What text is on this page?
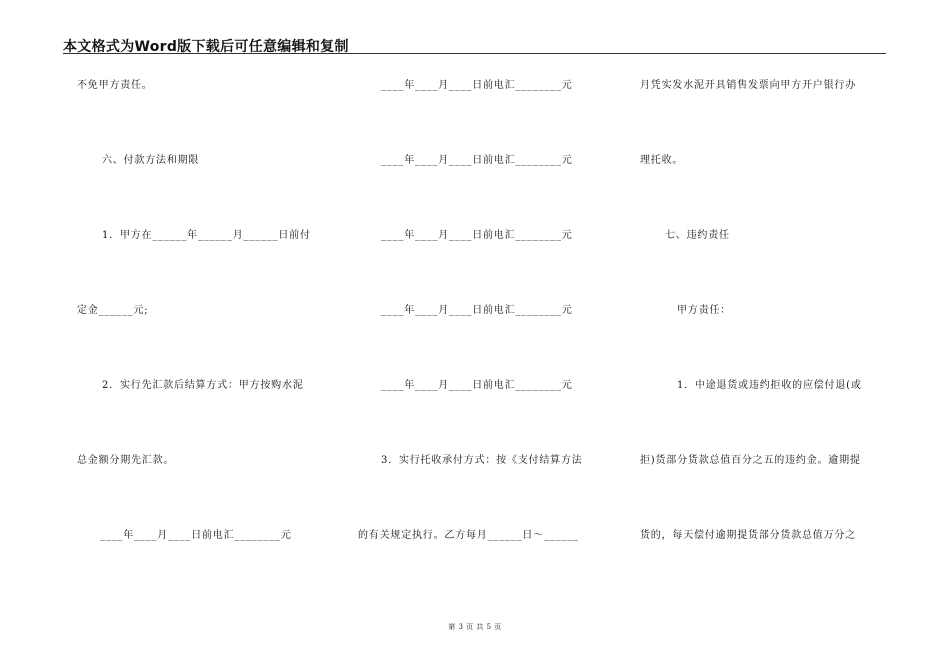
本文格式为Word版下载后可任意编辑和复制
不免甲方责任。
六、付款方法和期限
1．甲方在______年______月______日前付
定金______元;
2．实行先汇款后结算方式：甲方按购水泥
总金额分期先汇款。
____年____月____日前电汇________元
____年____月____日前电汇________元
____年____月____日前电汇________元
____年____月____日前电汇________元
____年____月____日前电汇________元
____年____月____日前电汇________元
3．实行托收承付方式：按《支付结算方法
的有关规定执行。乙方每月______日～______
月凭实发水泥开具销售发票向甲方开户银行办
理托收。
七、违约责任
甲方责任：
1．中途退货或违约拒收的应偿付退(或
拒)货部分货款总值百分之五的违约金。逾期提
货的，每天偿付逾期提货部分货款总值万分之
第 3 页 共 5 页
